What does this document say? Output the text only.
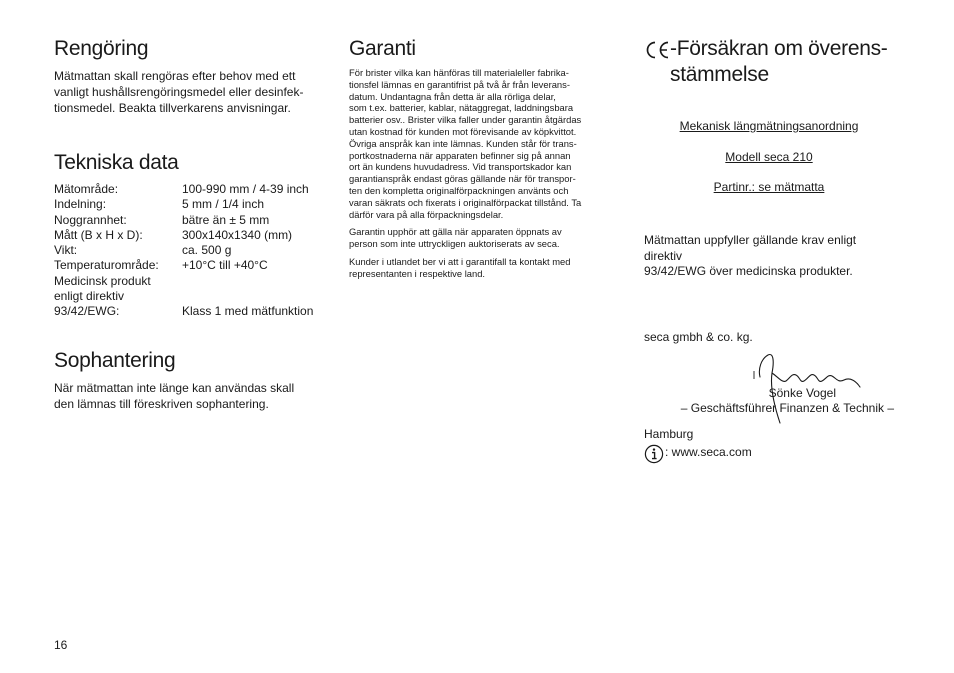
Rengöring

Mätmattan skall rengöras efter behov med ett
vanligt hushållsrengöringsmedel eller desinfek-
tionsmedel. Beakta tillverkarens anvisningar.

Tekniska data
Mätområde:	100-990 mm / 4-39 inch
Indelning:	5 mm / 1/4 inch
Noggrannhet:	bätre än ± 5 mm
Mått (B x H x D):	300x140x1340 (mm)
Vikt:	ca. 500 g
Temperaturområde:	+10°C till +40°C
Medicinsk produkt	
enligt direktiv	
93/42/EWG:	Klass 1 med mätfunktion
Sophantering

När mätmattan inte länge kan användas skall
den lämnas till föreskriven sophantering.

Garanti

För brister vilka kan hänföras till materialeller fabrika-
tionsfel lämnas en garantifrist på två år från leverans-
datum. Undantagna från detta är alla rörliga delar,
som t.ex. batterier, kablar, nätaggregat, laddningsbara
batterier osv.. Brister vilka faller under garantin åtgärdas
utan kostnad för kunden mot förevisande av köpkvittot.
Övriga anspråk kan inte lämnas. Kunden står för trans-
portkostnaderna när apparaten befinner sig på annan
ort än kundens huvudadress. Vid transportskador kan
garantianspråk endast göras gällande när för transpor-
ten den kompletta originalförpackningen använts och
varan säkrats och fixerats i originalförpackat tillstånd. Ta
därför vara på alla förpackningsdelar.

Garantin upphör att gälla när apparaten öppnats av
person som inte uttryckligen auktoriserats av seca.

Kunder i utlandet ber vi att i garantifall ta kontakt med
representanten i respektive land.

-Försäkran om överens-
stämmelse
Mekanisk längmätningsanordning
Modell seca 210
Partinr.: se mätmatta
Mätmattan uppfyller gällande krav enligt direktiv
93/42/EWG över medicinska produkter.
seca gmbh & co. kg.
Sönke Vogel
– Geschäftsführer Finanzen & Technik –
Hamburg
: www.seca.com
16
